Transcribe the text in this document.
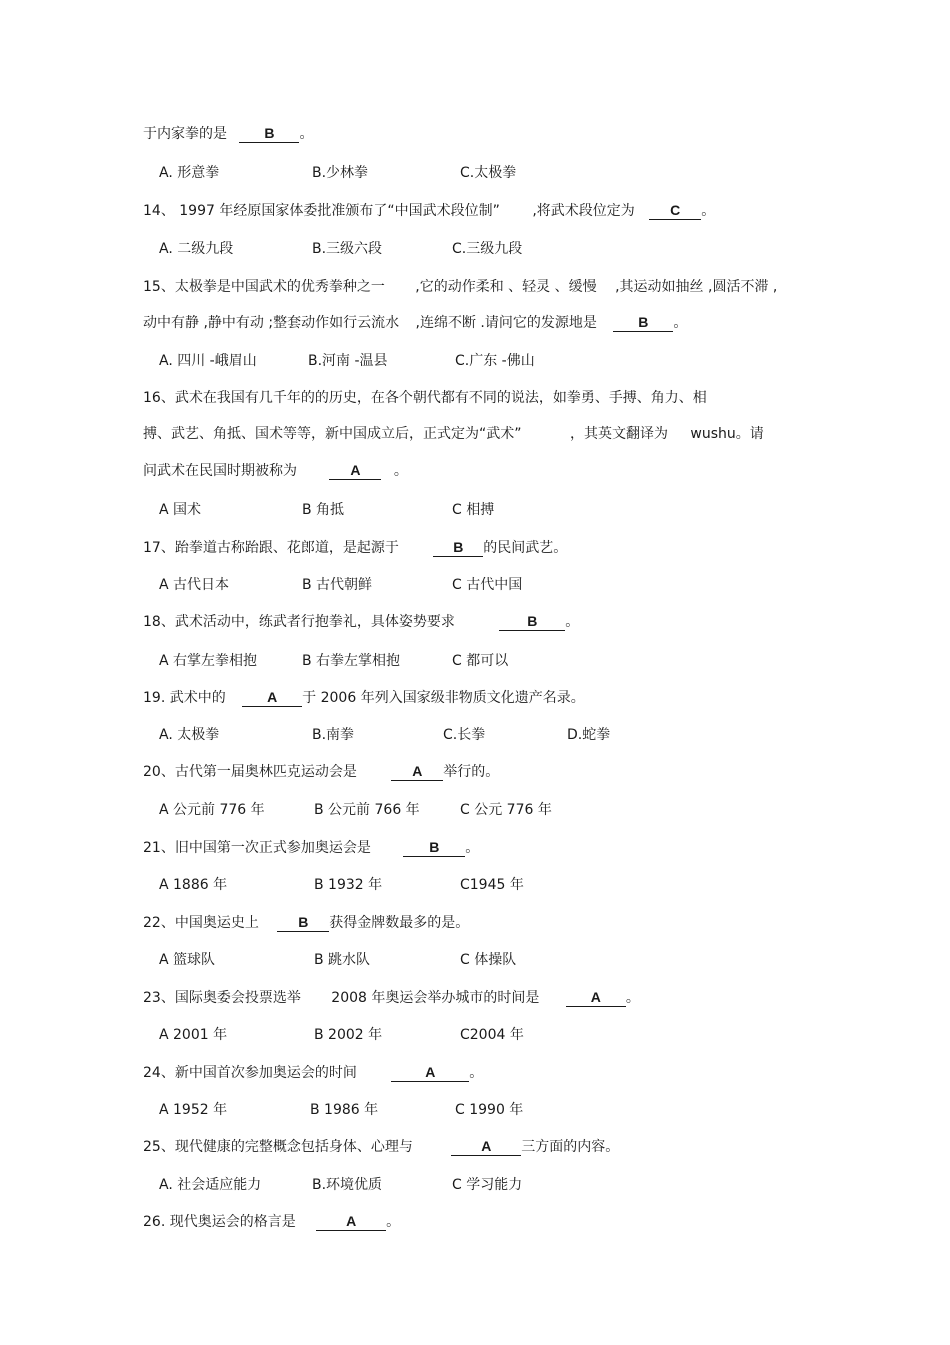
于内家拳的是	B 。
A. 形意拳	B.少林拳	C.太极拳
14、 1997 年经原国家体委批准颁布了“中国武术段位制” ,将武术段位定为	C 。
A. 二级九段	B.三级六段	C.三级九段
15、太极拳是中国武术的优秀拳种之一 ,它的动作柔和 、轻灵 、缓慢 ,其运动如抽丝 ,圆活不滞 ,
动中有静 ,静中有动 ;整套动作如行云流水 ,连绵不断 .请问它的发源地是	B 。
A. 四川 -峨眉山	B.河南 -温县	C.广东 -佛山
16、武术在我国有几千年的的历史，在各个朝代都有不同的说法，如拳勇、手搏、角力、相
搏、武艺、角抵、国术等等，新中国成立后，正式定为“武术”	，其英文翻译为 wushu。请
问武术在民国时期被称为	A 。
A 国术	B 角抵	C 相搏
17、跆拳道古称跆跟、花郎道，是起源于	B 的民间武艺。
A 古代日本	B 古代朝鲜	C 古代中国
18、武术活动中，练武者行抱拳礼，具体姿势要求	B 。
A 右掌左拳相抱	B 右拳左掌相抱	C 都可以
19. 武术中的	A 于 2006 年列入国家级非物质文化遗产名录。
A. 太极拳	B.南拳	C.长拳	D.蛇拳
20、古代第一届奥林匹克运动会是	A 举行的。
A 公元前 776 年	B 公元前 766 年	C 公元 776 年
21、旧中国第一次正式参加奥运会是	B 。
A 1886 年	B 1932 年	C1945 年
22、中国奥运史上	B 获得金牌数最多的是。
A 篮球队	B 跳水队	C 体操队
23、国际奥委会投票选举 2008 年奥运会举办城市的时间是	A 。
A 2001 年	B 2002 年	C2004 年
24、新中国首次参加奥运会的时间	A 。
A 1952 年	B 1986 年	C 1990 年
25、现代健康的完整概念包括身体、心理与	A 三方面的内容。
A. 社会适应能力	B.环境优质	C 学习能力
26. 现代奥运会的格言是	A 。
